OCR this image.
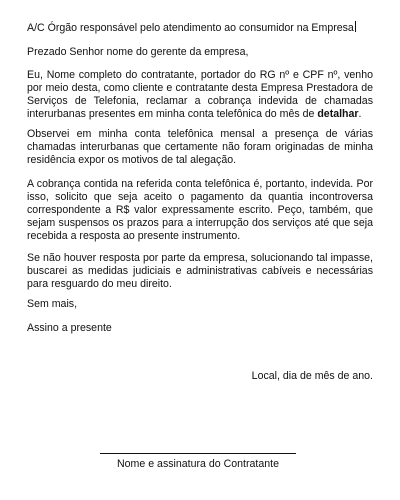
A/C Órgão responsável pelo atendimento ao consumidor na Empresa
Prezado Senhor nome do gerente da empresa,
Eu, Nome completo do contratante, portador do RG nº e CPF nº, venho por meio desta, como cliente e contratante desta Empresa Prestadora de Serviços de Telefonia, reclamar a cobrança indevida de chamadas interurbanas presentes em minha conta telefônica do mês de detalhar.
Observei em minha conta telefônica mensal a presença de várias chamadas interurbanas que certamente não foram originadas de minha residência expor os motivos de tal alegação.
A cobrança contida na referida conta telefônica é, portanto, indevida. Por isso, solicito que seja aceito o pagamento da quantia incontroversa correspondente a R$ valor expressamente escrito. Peço, também, que sejam suspensos os prazos para a interrupção dos serviços até que seja recebida a resposta ao presente instrumento.
Se não houver resposta por parte da empresa, solucionando tal impasse, buscarei as medidas judiciais e administrativas cabíveis e necessárias para resguardo do meu direito.
Sem mais,
Assino a presente
Local, dia de mês de ano.
Nome e assinatura do Contratante
